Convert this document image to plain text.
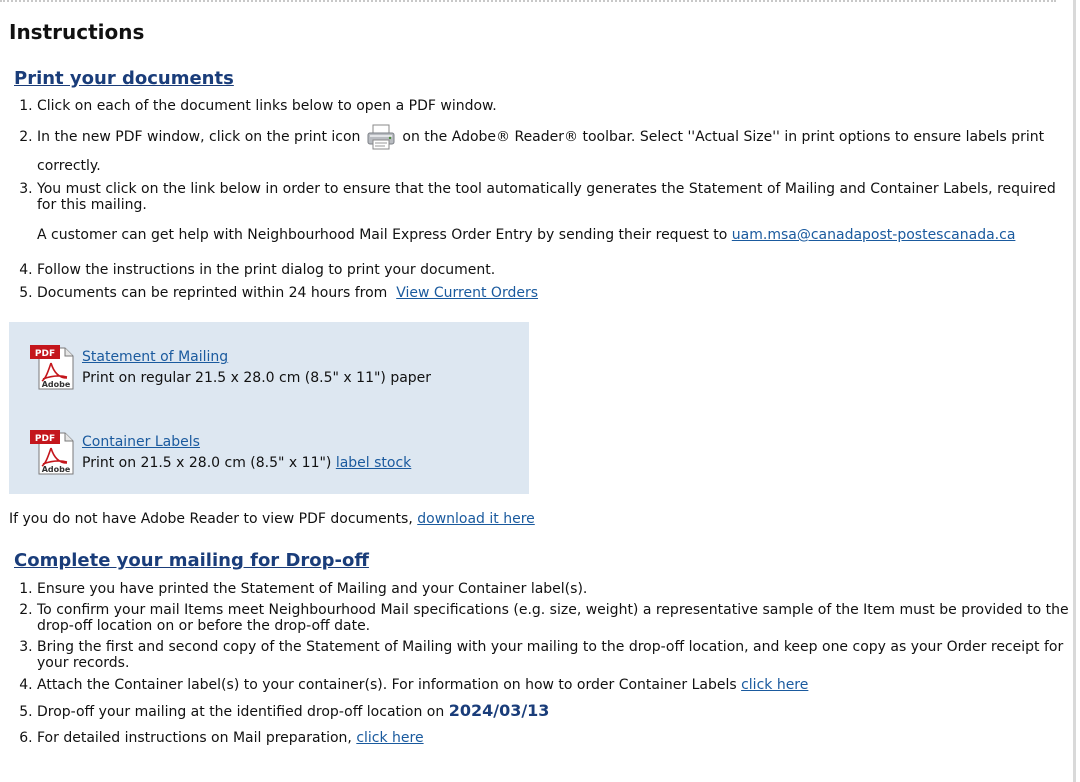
Instructions
Print your documents
1. Click on each of the document links below to open a PDF window.
2. In the new PDF window, click on the print icon	on the Adobe® Reader® toolbar. Select ''Actual Size'' in print options to ensure labels print correctly.
3. You must click on the link below in order to ensure that the tool automatically generates the Statement of Mailing and Container Labels, required for this mailing.
A customer can get help with Neighbourhood Mail Express Order Entry by sending their request to uam.msa@canadapost-postescanada.ca
4. Follow the instructions in the print dialog to print your document.
5. Documents can be reprinted within 24 hours from View Current Orders
PDF
Adobe
Statement of Mailing
Print on regular 21.5 x 28.0 cm (8.5" x 11") paper
PDF
Adobe
Container Labels
Print on 21.5 x 28.0 cm (8.5" x 11") label stock
If you do not have Adobe Reader to view PDF documents, download it here
Complete your mailing for Drop-off
1. Ensure you have printed the Statement of Mailing and your Container label(s).
2. To confirm your mail Items meet Neighbourhood Mail specifications (e.g. size, weight) a representative sample of the Item must be provided to the drop-off location on or before the drop-off date.
3. Bring the first and second copy of the Statement of Mailing with your mailing to the drop-off location, and keep one copy as your Order receipt for your records.
4. Attach the Container label(s) to your container(s). For information on how to order Container Labels click here
5. Drop-off your mailing at the identified drop-off location on 2024/03/13
6. For detailed instructions on Mail preparation, click here
